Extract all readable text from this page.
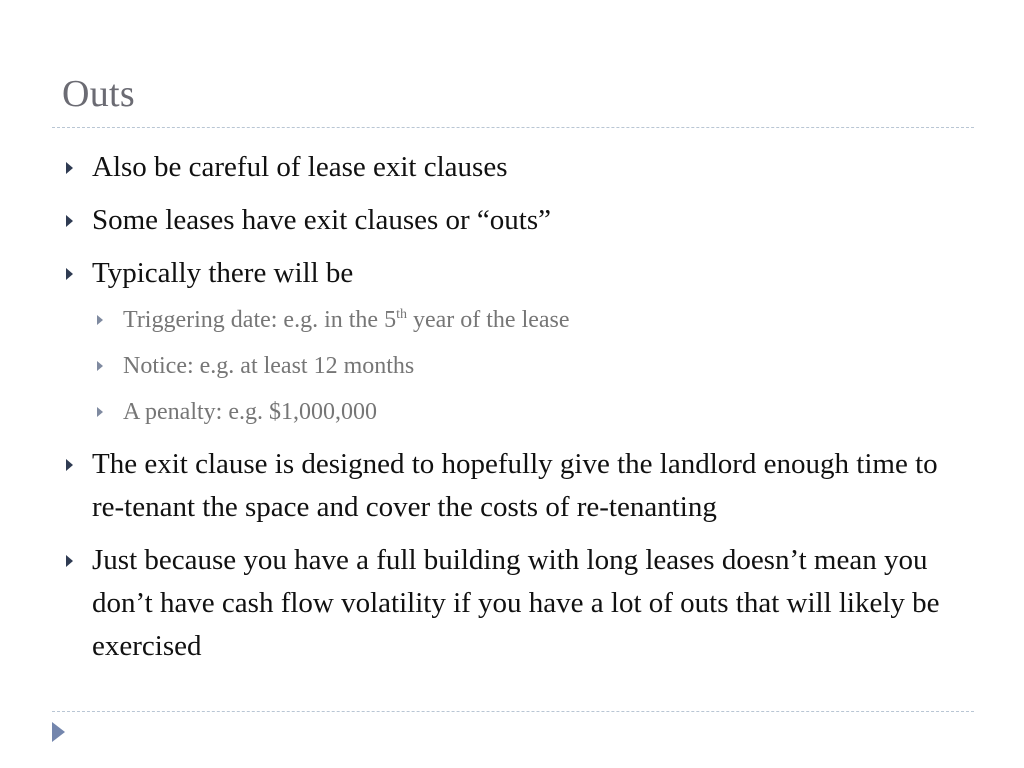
Outs
Also be careful of lease exit clauses
Some leases have exit clauses or “outs”
Typically there will be
Triggering date: e.g. in the 5th year of the lease
Notice: e.g. at least 12 months
A penalty: e.g. $1,000,000
The exit clause is designed to hopefully give the landlord enough time to re-tenant the space and cover the costs of re-tenanting
Just because you have a full building with long leases doesn’t mean you don’t have cash flow volatility if you have a lot of outs that will likely be exercised
